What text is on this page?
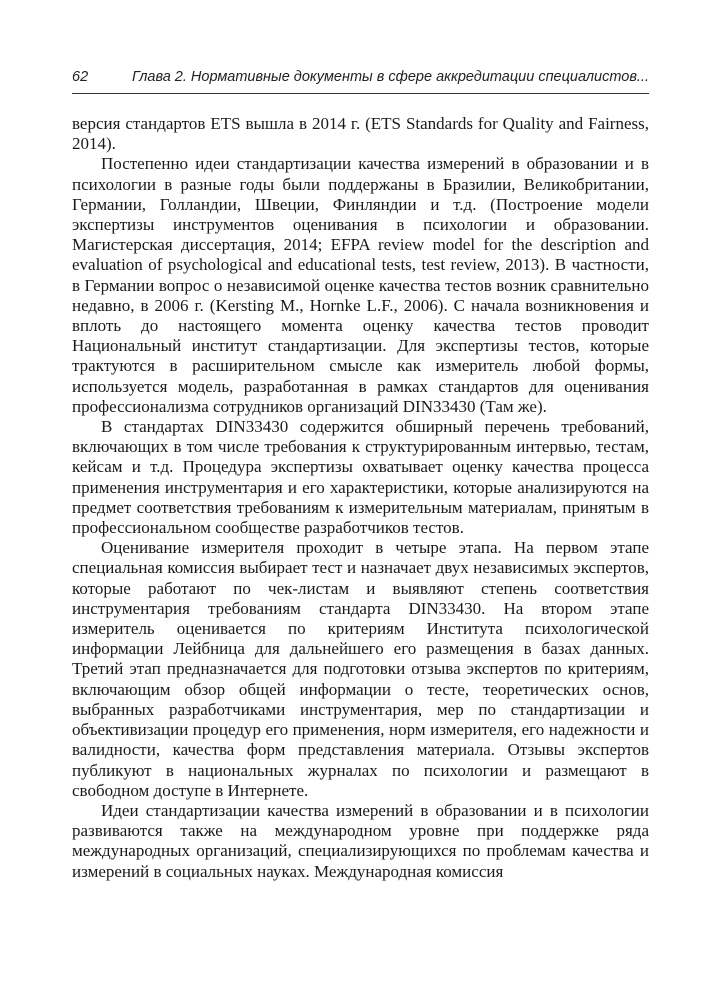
62	Глава 2. Нормативные документы в сфере аккредитации специалистов...

версия стандартов ETS вышла в 2014 г. (ETS Standards for Quality and Fairness, 2014).

Постепенно идеи стандартизации качества измерений в образовании и в психологии в разные годы были поддержаны в Бразилии, Великобритании, Германии, Голландии, Швеции, Финляндии и т.д. (Построение модели экспертизы инструментов оценивания в психологии и образовании. Магистерская диссертация, 2014; EFPA review model for the description and evaluation of psychological and educational tests, test review, 2013). В частности, в Германии вопрос о независимой оценке качества тестов возник сравнительно недавно, в 2006 г. (Kersting M., Hornke L.F., 2006). С начала возникновения и вплоть до настоящего момента оценку качества тестов проводит Национальный институт стандартизации. Для экспертизы тестов, которые трактуются в расширительном смысле как измеритель любой формы, используется модель, разработанная в рамках стандартов для оценивания профессионализма сотрудников организаций DIN33430 (Там же).

В стандартах DIN33430 содержится обширный перечень требований, включающих в том числе требования к структурированным интервью, тестам, кейсам и т.д. Процедура экспертизы охватывает оценку качества процесса применения инструментария и его характеристики, которые анализируются на предмет соответствия требованиям к измерительным материалам, принятым в профессиональном сообществе разработчиков тестов.

Оценивание измерителя проходит в четыре этапа. На первом этапе специальная комиссия выбирает тест и назначает двух независимых экспертов, которые работают по чек-листам и выявляют степень соответствия инструментария требованиям стандарта DIN33430. На втором этапе измеритель оценивается по критериям Института психологической информации Лейбница для дальнейшего его размещения в базах данных. Третий этап предназначается для подготовки отзыва экспертов по критериям, включающим обзор общей информации о тесте, теоретических основ, выбранных разработчиками инструментария, мер по стандартизации и объективизации процедур его применения, норм измерителя, его надежности и валидности, качества форм представления материала. Отзывы экспертов публикуют в национальных журналах по психологии и размещают в свободном доступе в Интернете.

Идеи стандартизации качества измерений в образовании и в психологии развиваются также на международном уровне при поддержке ряда международных организаций, специализирующихся по проблемам качества и измерений в социальных науках. Международная комиссия
